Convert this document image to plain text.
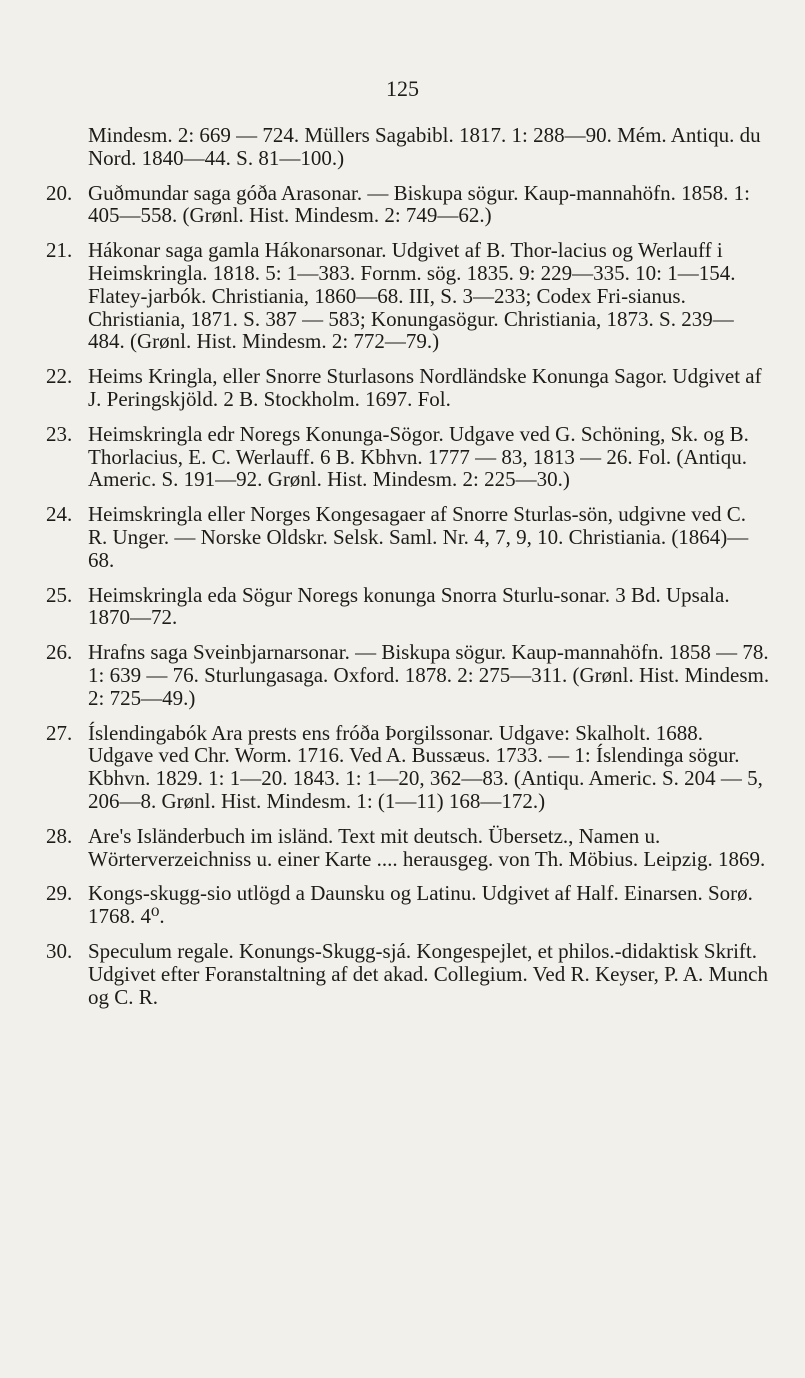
125
Mindesm. 2: 669 — 724. Müllers Sagabibl. 1817. 1: 288—90. Mém. Antiqu. du Nord. 1840—44. S. 81—100.)
20. Guðmundar saga góða Arasonar. — Biskupa sögur. Kaup-mannahöfn. 1858. 1: 405—558. (Grønl. Hist. Mindesm. 2: 749—62.)
21. Hákonar saga gamla Hákonarsonar. Udgivet af B. Thor-lacius og Werlauff i Heimskringla. 1818. 5: 1—383. Fornm. sög. 1835. 9: 229—335. 10: 1—154. Flatey-jarbók. Christiania, 1860—68. III, S. 3—233; Codex Fri-sianus. Christiania, 1871. S. 387 — 583; Konungasögur. Christiania, 1873. S. 239—484. (Grønl. Hist. Mindesm. 2: 772—79.)
22. Heims Kringla, eller Snorre Sturlasons Nordländske Konunga Sagor. Udgivet af J. Peringskjöld. 2 B. Stockholm. 1697. Fol.
23. Heimskringla edr Noregs Konunga-Sögor. Udgave ved G. Schöning, Sk. og B. Thorlacius, E. C. Werlauff. 6 B. Kbhvn. 1777 — 83, 1813 — 26. Fol. (Antiqu. Americ. S. 191—92. Grønl. Hist. Mindesm. 2: 225—30.)
24. Heimskringla eller Norges Kongesagaer af Snorre Sturlas-sön, udgivne ved C. R. Unger. — Norske Oldskr. Selsk. Saml. Nr. 4, 7, 9, 10. Christiania. (1864)—68.
25. Heimskringla eda Sögur Noregs konunga Snorra Sturlu-sonar. 3 Bd. Upsala. 1870—72.
26. Hrafns saga Sveinbjarnarsonar. — Biskupa sögur. Kaup-mannahöfn. 1858 — 78. 1: 639 — 76. Sturlungasaga. Oxford. 1878. 2: 275—311. (Grønl. Hist. Mindesm. 2: 725—49.)
27. Íslendingabók Ara prests ens fróða Þorgilssonar. Udgave: Skalholt. 1688. Udgave ved Chr. Worm. 1716. Ved A. Bussæus. 1733. — 1: Íslendinga sögur. Kbhvn. 1829. 1: 1—20. 1843. 1: 1—20, 362—83. (Antiqu. Americ. S. 204 — 5, 206—8. Grønl. Hist. Mindesm. 1: (1—11) 168—172.)
28. Are's Isländerbuch im isländ. Text mit deutsch. Übersetz., Namen u. Wörterverzeichniss u. einer Karte .... herausgeg. von Th. Möbius. Leipzig. 1869.
29. Kongs-skugg-sio utlögd a Daunsku og Latinu. Udgivet af Half. Einarsen. Sorø. 1768. 4⁰.
30. Speculum regale. Konungs-Skugg-sjá. Kongespejlet, et philos.-didaktisk Skrift. Udgivet efter Foranstaltning af det akad. Collegium. Ved R. Keyser, P. A. Munch og C. R.
